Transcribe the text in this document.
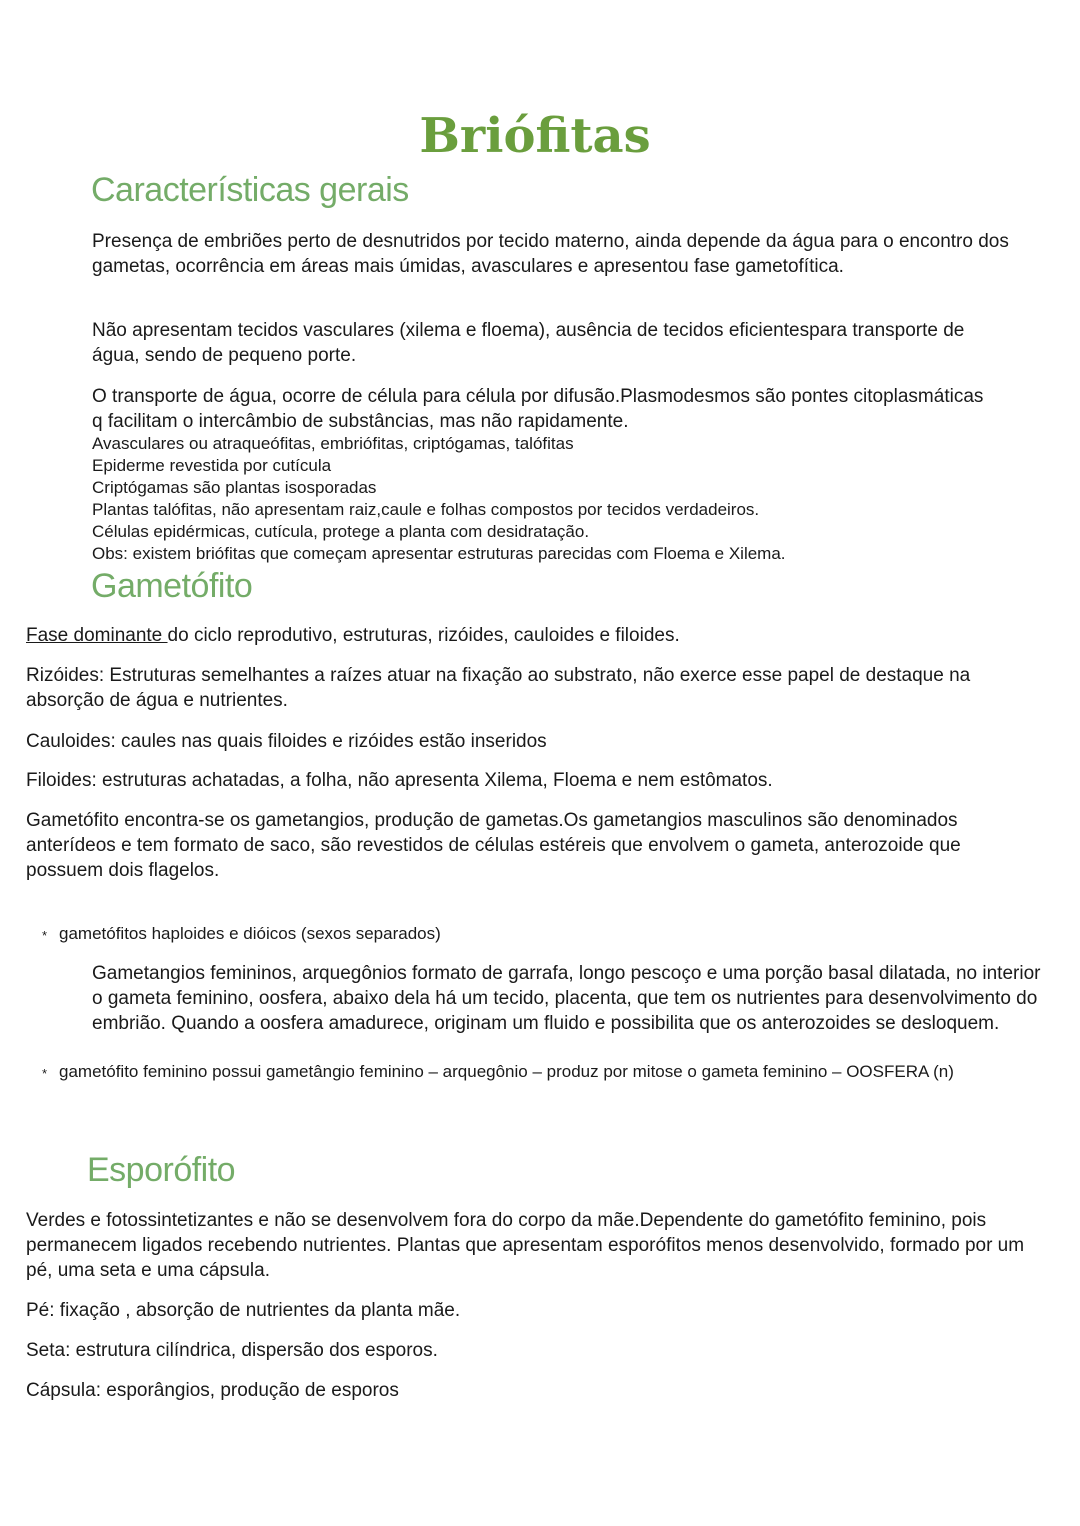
Briófitas
Características gerais

Presença de embriões perto de desnutridos por tecido materno, ainda depende da água para o encontro dos gametas, ocorrência em áreas mais úmidas, avasculares e apresentou fase gametofítica.

Não apresentam tecidos vasculares (xilema e floema), ausência de tecidos eficientespara transporte de água, sendo de pequeno porte.

O transporte de água, ocorre de célula para célula por difusão.Plasmodesmos são pontes citoplasmáticas q facilitam o intercâmbio de substâncias, mas não rapidamente.

Avasculares ou atraqueófitas, embriófitas, criptógamas, talófitas
Epiderme revestida por cutícula
Criptógamas são plantas isosporadas
Plantas talófitas, não apresentam raiz,caule e folhas compostos por tecidos verdadeiros.
Células epidérmicas, cutícula, protege a planta com desidratação.
Obs: existem briófitas que começam apresentar estruturas parecidas com Floema e Xilema.
Gametófito

Fase dominante do ciclo reprodutivo, estruturas, rizóides, cauloides e filoides.

Rizóides: Estruturas semelhantes a raízes atuar na fixação ao substrato, não exerce esse papel de destaque na absorção de água e nutrientes.

Cauloides: caules nas quais filoides e rizóides estão inseridos

Filoides: estruturas achatadas, a folha, não apresenta Xilema, Floema e nem estômatos.

Gametófito encontra-se os gametangios, produção de gametas.Os gametangios masculinos são denominados anterídeos e tem formato de saco, são revestidos de células estéreis que envolvem o gameta, anterozoide que possuem dois flagelos.

* gametófitos haploides e dióicos (sexos separados)

Gametangios femininos, arquegônios formato de garrafa, longo pescoço e uma porção basal dilatada, no interior o gameta feminino, oosfera, abaixo dela há um tecido, placenta, que tem os nutrientes para desenvolvimento do embrião. Quando a oosfera amadurece, originam um fluido e possibilita que os anterozoides se desloquem.

* gametófito feminino possui gametângio feminino – arquegônio – produz por mitose o gameta feminino – OOSFERA (n)
Esporófito

Verdes e fotossintetizantes e não se desenvolvem fora do corpo da mãe.Dependente do gametófito feminino, pois permanecem ligados recebendo nutrientes. Plantas que apresentam esporófitos menos desenvolvido, formado por um pé, uma seta e uma cápsula.

Pé: fixação , absorção de nutrientes da planta mãe.

Seta: estrutura cilíndrica, dispersão dos esporos.

Cápsula: esporângios, produção de esporos
